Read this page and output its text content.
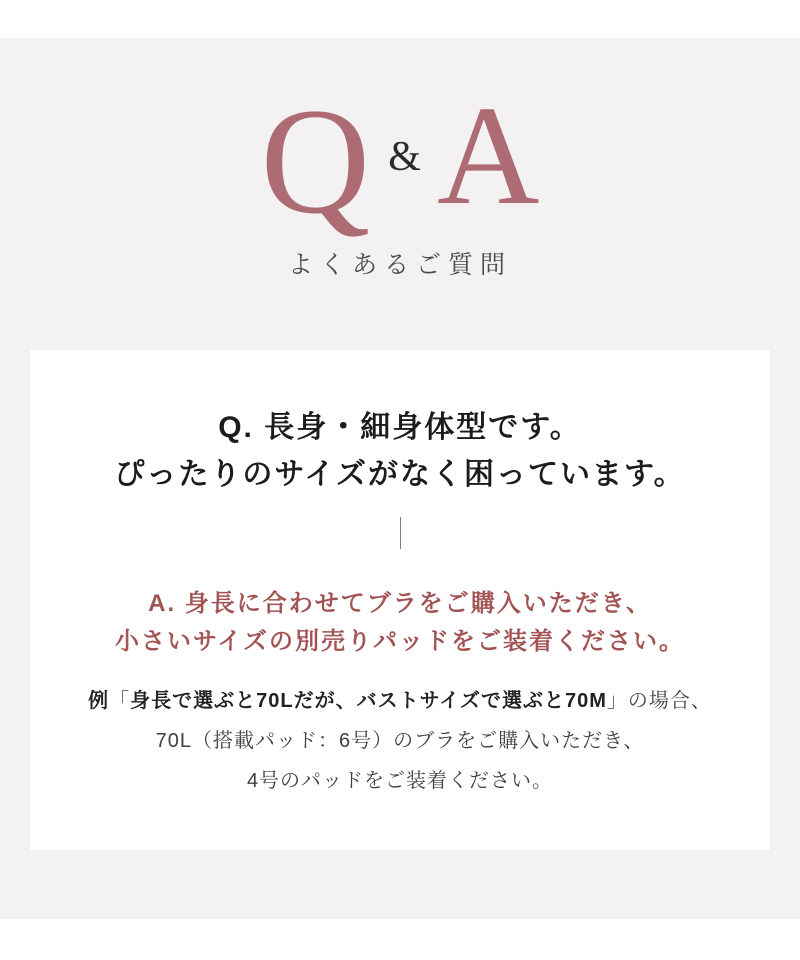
Q & A
よくあるご質問

Q. 長身・細身体型です。

ぴったりのサイズがなく困っています。

A. 身長に合わせてブラをご購入いただき、

小さいサイズの別売りパッドをご装着ください。

例「身長で選ぶと70Lだが、バストサイズで選ぶと70M」の場合、

70L（搭載パッド：6号）のブラをご購入いただき、

4号のパッドをご装着ください。
